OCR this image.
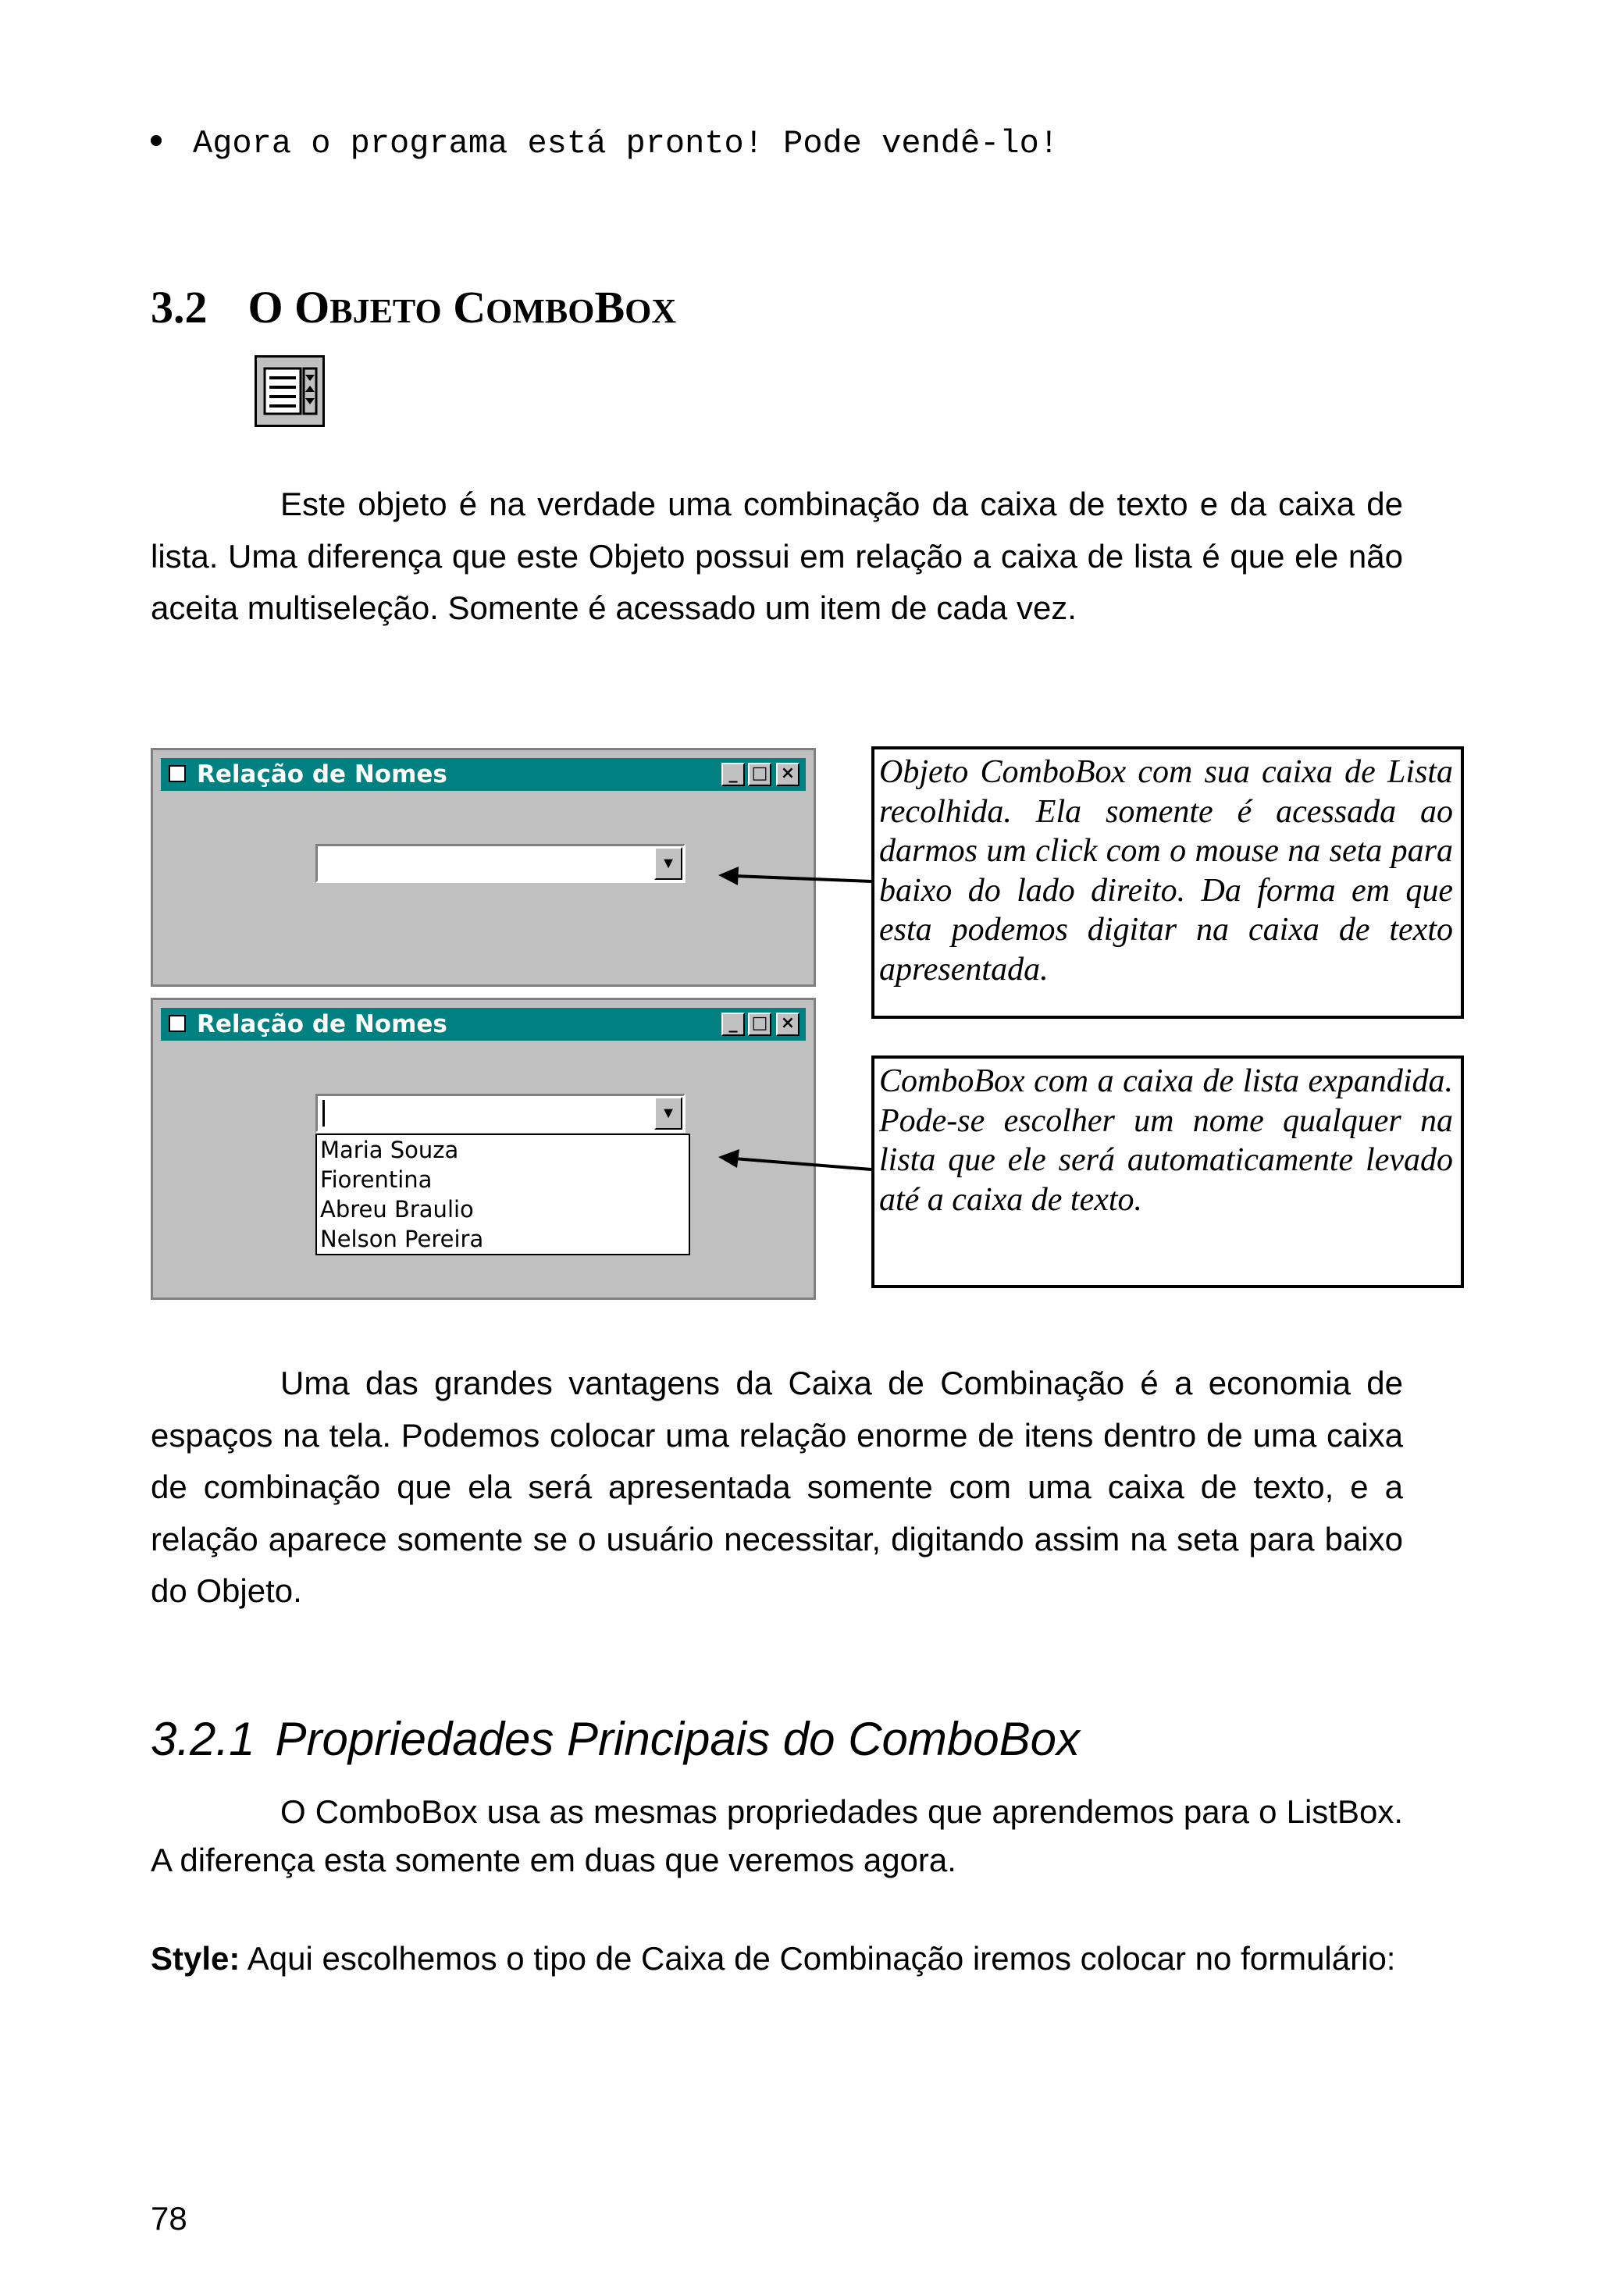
Agora o programa está pronto! Pode vendê-lo!
3.2 O OBJETO COMBOBOX

Este objeto é na verdade uma combinação da caixa de texto e da caixa de lista. Uma diferença que este Objeto possui em relação a caixa de lista é que ele não aceita multiseleção. Somente é acessado um item de cada vez.

Relação de Nomes	_ □ ×
▼
Relação de Nomes	_ □ ×
▼
Maria Souza
Fiorentina
Abreu Braulio
Nelson Pereira
Objeto ComboBox com sua caixa de Lista recolhida. Ela somente é acessada ao darmos um click com o mouse na seta para baixo do lado direito. Da forma em que esta podemos digitar na caixa de texto apresentada.
ComboBox com a caixa de lista expandida. Pode-se escolher um nome qualquer na lista que ele será automaticamente levado até a caixa de texto.

Uma das grandes vantagens da Caixa de Combinação é a economia de espaços na tela. Podemos colocar uma relação enorme de itens dentro de uma caixa de combinação que ela será apresentada somente com uma caixa de texto, e a relação aparece somente se o usuário necessitar, digitando assim na seta para baixo do Objeto.

3.2.1 Propriedades Principais do ComboBox

O ComboBox usa as mesmas propriedades que aprendemos para o ListBox. A diferença esta somente em duas que veremos agora.

Style: Aqui escolhemos o tipo de Caixa de Combinação iremos colocar no formulário:

78
